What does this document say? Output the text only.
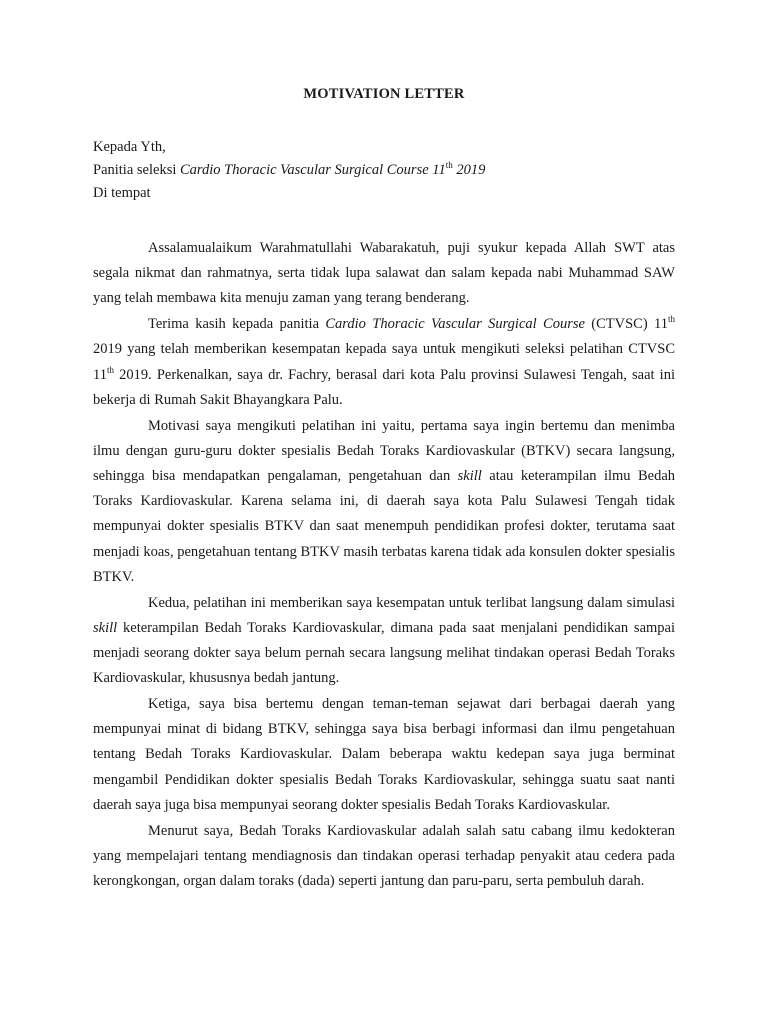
MOTIVATION LETTER
Kepada Yth,
Panitia seleksi Cardio Thoracic Vascular Surgical Course 11th 2019
Di tempat

Assalamualaikum Warahmatullahi Wabarakatuh, puji syukur kepada Allah SWT atas segala nikmat dan rahmatnya, serta tidak lupa salawat dan salam kepada nabi Muhammad SAW yang telah membawa kita menuju zaman yang terang benderang.

Terima kasih kepada panitia Cardio Thoracic Vascular Surgical Course (CTVSC) 11th 2019 yang telah memberikan kesempatan kepada saya untuk mengikuti seleksi pelatihan CTVSC 11th 2019. Perkenalkan, saya dr. Fachry, berasal dari kota Palu provinsi Sulawesi Tengah, saat ini bekerja di Rumah Sakit Bhayangkara Palu.

Motivasi saya mengikuti pelatihan ini yaitu, pertama saya ingin bertemu dan menimba ilmu dengan guru-guru dokter spesialis Bedah Toraks Kardiovaskular (BTKV) secara langsung, sehingga bisa mendapatkan pengalaman, pengetahuan dan skill atau keterampilan ilmu Bedah Toraks Kardiovaskular. Karena selama ini, di daerah saya kota Palu Sulawesi Tengah tidak mempunyai dokter spesialis BTKV dan saat menempuh pendidikan profesi dokter, terutama saat menjadi koas, pengetahuan tentang BTKV masih terbatas karena tidak ada konsulen dokter spesialis BTKV.

Kedua, pelatihan ini memberikan saya kesempatan untuk terlibat langsung dalam simulasi skill keterampilan Bedah Toraks Kardiovaskular, dimana pada saat menjalani pendidikan sampai menjadi seorang dokter saya belum pernah secara langsung melihat tindakan operasi Bedah Toraks Kardiovaskular, khususnya bedah jantung.

Ketiga, saya bisa bertemu dengan teman-teman sejawat dari berbagai daerah yang mempunyai minat di bidang BTKV, sehingga saya bisa berbagi informasi dan ilmu pengetahuan tentang Bedah Toraks Kardiovaskular. Dalam beberapa waktu kedepan saya juga berminat mengambil Pendidikan dokter spesialis Bedah Toraks Kardiovaskular, sehingga suatu saat nanti daerah saya juga bisa mempunyai seorang dokter spesialis Bedah Toraks Kardiovaskular.

Menurut saya, Bedah Toraks Kardiovaskular adalah salah satu cabang ilmu kedokteran yang mempelajari tentang mendiagnosis dan tindakan operasi terhadap penyakit atau cedera pada kerongkongan, organ dalam toraks (dada) seperti jantung dan paru-paru, serta pembuluh darah.
